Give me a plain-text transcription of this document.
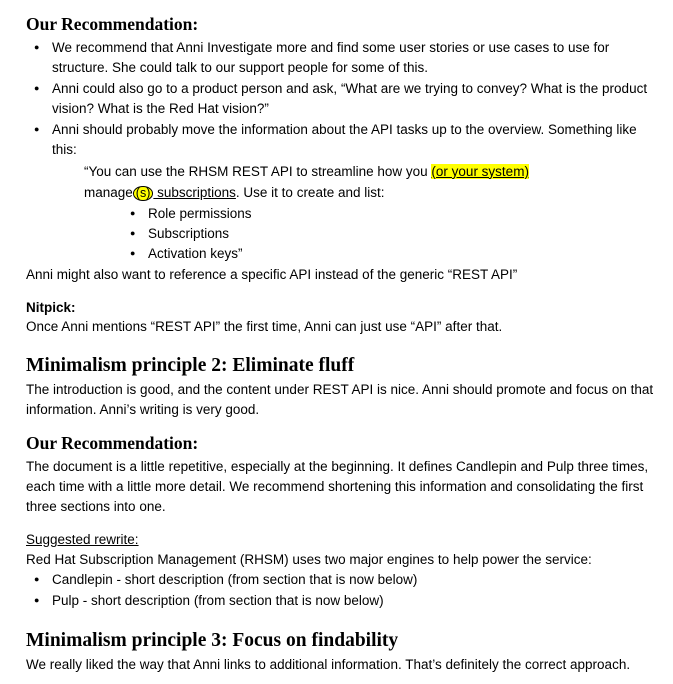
Our Recommendation:
● We recommend that Anni Investigate more and find some user stories or use cases to use for structure. She could talk to our support people for some of this.
● Anni could also go to a product person and ask, “What are we trying to convey? What is the product vision? What is the Red Hat vision?”
● Anni should probably move the information about the API tasks up to the overview. Something like this:
“You can use the RHSM REST API to streamline how you (or your system)
manage (s) subscriptions. Use it to create and list:
● Role permissions
● Subscriptions
● Activation keys”

Anni might also want to reference a specific API instead of the generic “REST API”

Nitpick:

Once Anni mentions “REST API” the first time, Anni can just use “API” after that.

Minimalism principle 2: Eliminate fluff

The introduction is good, and the content under REST API is nice. Anni should promote and focus on that information. Anni’s writing is very good.

Our Recommendation:

The document is a little repetitive, especially at the beginning. It defines Candlepin and Pulp three times, each time with a little more detail. We recommend shortening this information and consolidating the first three sections into one.

Suggested rewrite:

Red Hat Subscription Management (RHSM) uses two major engines to help power the service:

● Candlepin - short description (from section that is now below)
● Pulp - short description (from section that is now below)
Minimalism principle 3: Focus on findability

We really liked the way that Anni links to additional information. That’s definitely the correct approach.
